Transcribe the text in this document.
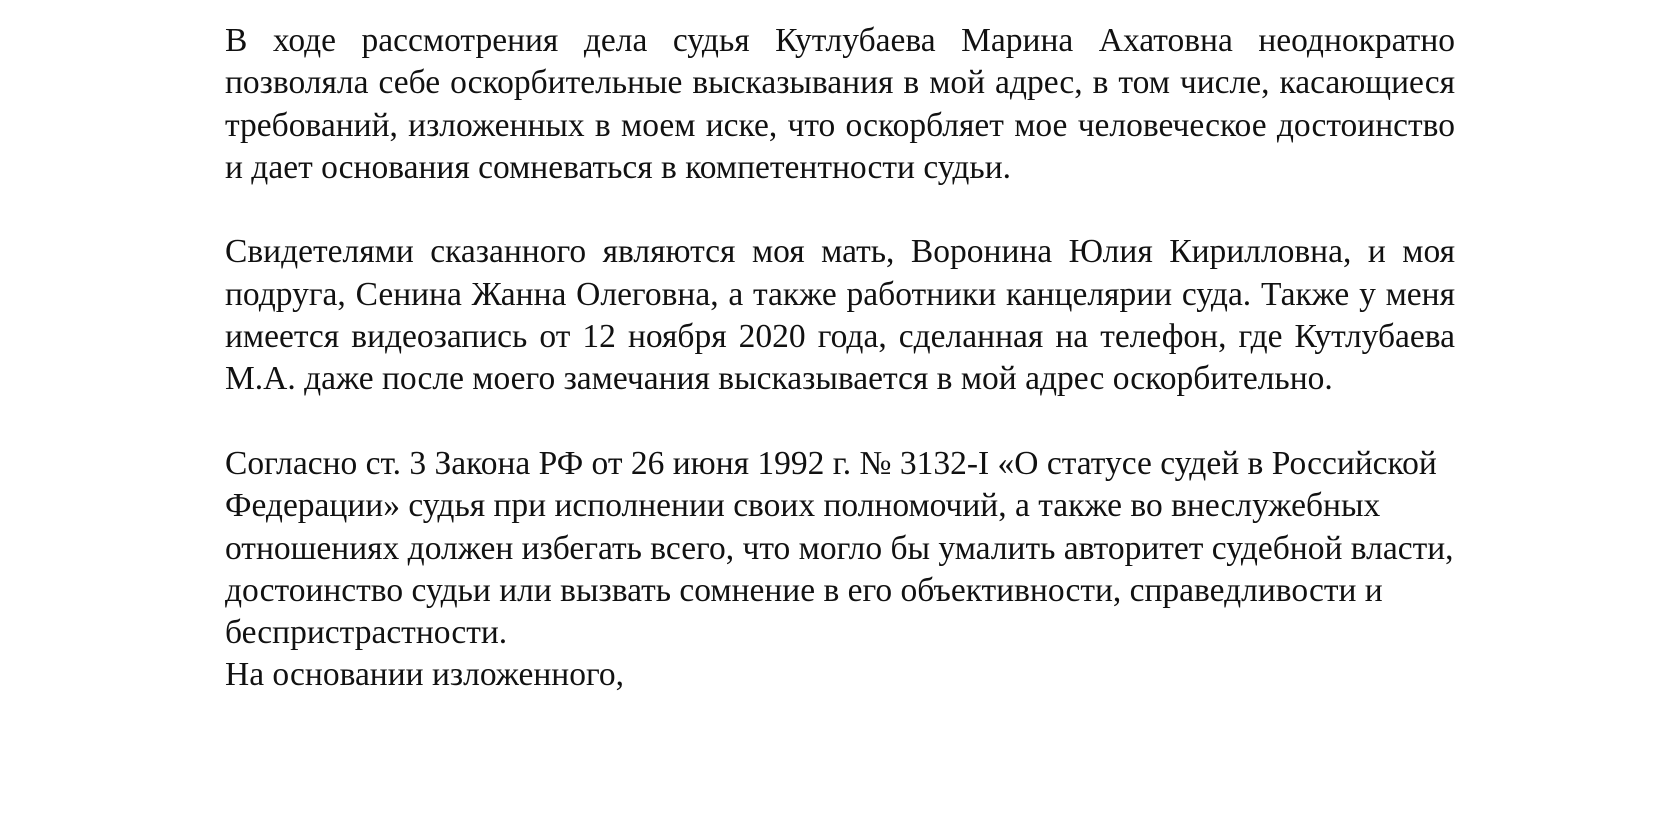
В ходе рассмотрения дела судья Кутлубаева Марина Ахатовна неоднократно позволяла себе оскорбительные высказывания в мой адрес, в том числе, касающиеся требований, изложенных в моем иске, что оскорбляет мое человеческое достоинство и дает основания сомневаться в компетентности судьи.

Свидетелями сказанного являются моя мать, Воронина Юлия Кирилловна, и моя подруга, Сенина Жанна Олеговна, а также работники канцелярии суда. Также у меня имеется видеозапись от 12 ноября 2020 года, сделанная на телефон, где Кутлубаева М.А. даже после моего замечания высказывается в мой адрес оскорбительно.

Согласно ст. 3 Закона РФ от 26 июня 1992 г. № 3132-I «О статусе судей в Российской Федерации» судья при исполнении своих полномочий, а также во внеслужебных отношениях должен избегать всего, что могло бы умалить авторитет судебной власти, достоинство судьи или вызвать сомнение в его объективности, справедливости и беспристрастности.

На основании изложенного,
